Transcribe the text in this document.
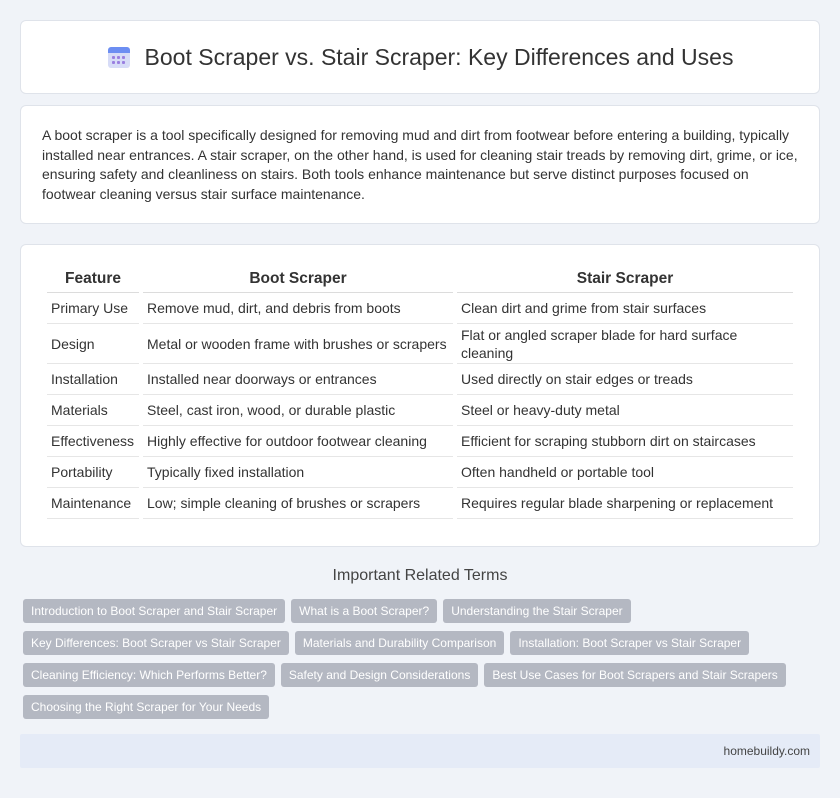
Boot Scraper vs. Stair Scraper: Key Differences and Uses

A boot scraper is a tool specifically designed for removing mud and dirt from footwear before entering a building, typically installed near entrances. A stair scraper, on the other hand, is used for cleaning stair treads by removing dirt, grime, or ice, ensuring safety and cleanliness on stairs. Both tools enhance maintenance but serve distinct purposes focused on footwear cleaning versus stair surface maintenance.

Feature	Boot Scraper	Stair Scraper
Primary Use	Remove mud, dirt, and debris from boots	Clean dirt and grime from stair surfaces
Design	Metal or wooden frame with brushes or scrapers	Flat or angled scraper blade for hard surface cleaning
Installation	Installed near doorways or entrances	Used directly on stair edges or treads
Materials	Steel, cast iron, wood, or durable plastic	Steel or heavy-duty metal
Effectiveness	Highly effective for outdoor footwear cleaning	Efficient for scraping stubborn dirt on staircases
Portability	Typically fixed installation	Often handheld or portable tool
Maintenance	Low; simple cleaning of brushes or scrapers	Requires regular blade sharpening or replacement
Important Related Terms
Introduction to Boot Scraper and Stair Scraper	What is a Boot Scraper?	Understanding the Stair Scraper
Key Differences: Boot Scraper vs Stair Scraper	Materials and Durability Comparison	Installation: Boot Scraper vs Stair Scraper
Cleaning Efficiency: Which Performs Better?	Safety and Design Considerations	Best Use Cases for Boot Scrapers and Stair Scrapers
Choosing the Right Scraper for Your Needs
homebuildy.com
